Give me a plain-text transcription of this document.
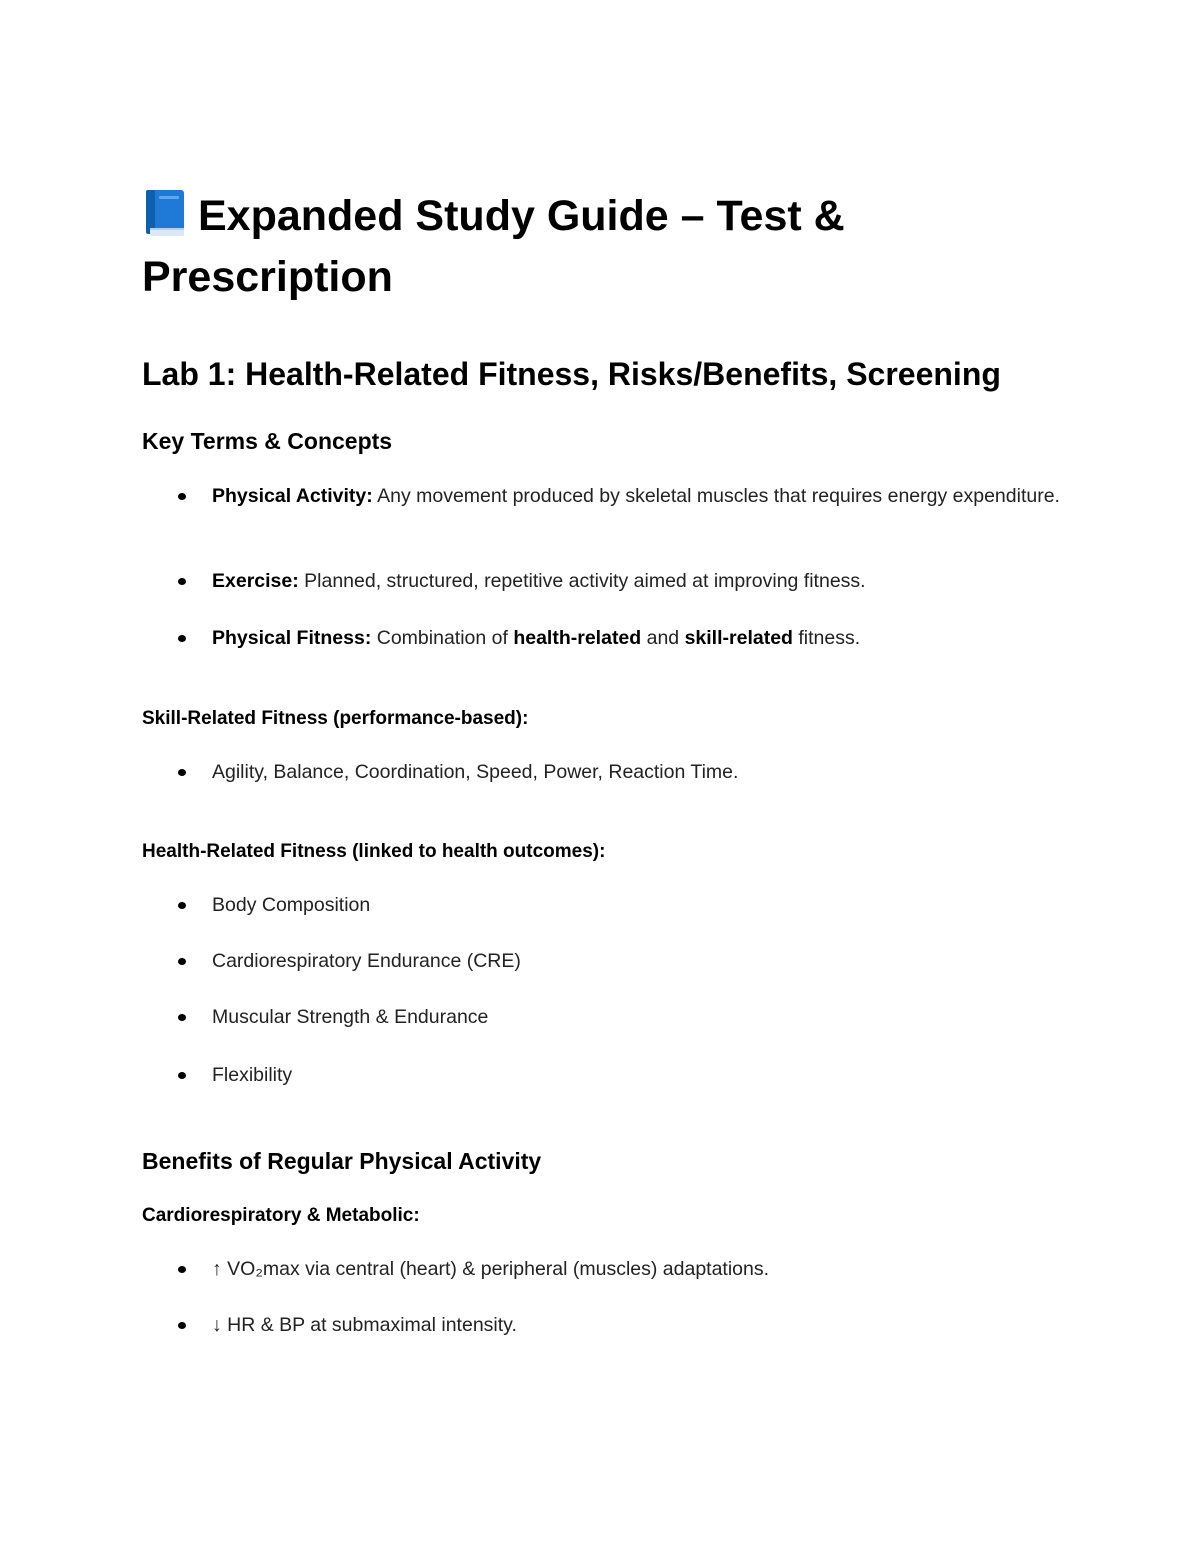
Expanded Study Guide – Test & Prescription
Lab 1: Health-Related Fitness, Risks/Benefits, Screening
Key Terms & Concepts
Physical Activity: Any movement produced by skeletal muscles that requires energy expenditure.
Exercise: Planned, structured, repetitive activity aimed at improving fitness.
Physical Fitness: Combination of health-related and skill-related fitness.
Skill-Related Fitness (performance-based):
Agility, Balance, Coordination, Speed, Power, Reaction Time.
Health-Related Fitness (linked to health outcomes):
Body Composition
Cardiorespiratory Endurance (CRE)
Muscular Strength & Endurance
Flexibility
Benefits of Regular Physical Activity
Cardiorespiratory & Metabolic:
↑ VO₂max via central (heart) & peripheral (muscles) adaptations.
↓ HR & BP at submaximal intensity.
